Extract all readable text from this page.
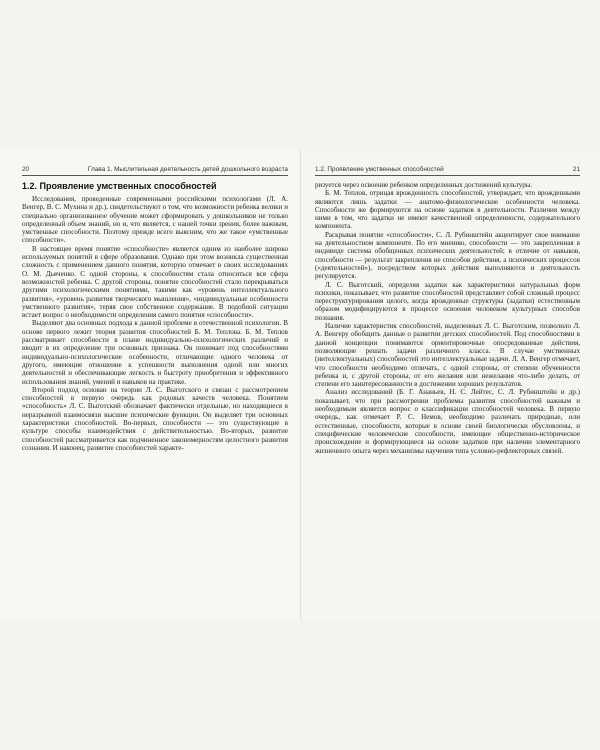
20	Глава 1. Мыслительная деятельность детей дошкольного возраста
1.2. Проявление умственных способностей

Исследования, проведенные современными российскими психологами (Л. А. Венгер, В. С. Мухина и др.), свидетельствуют о том, что возможности ребенка велики и специально организованное обучение может сформировать у дошкольников не только определенный объем знаний, но и, что является, с нашей точки зрения, более важным, умственные способности. Поэтому прежде всего выясним, что же такое «умственные способности».

В настоящее время понятие «способности» является одним из наиболее широко используемых понятий в сфере образования. Однако при этом возникла существенная сложность с применением данного понятия, которую отмечает в своих исследованиях О. М. Дьяченко. С одной стороны, к способностям стала относиться вся сфера возможностей ребенка. С другой стороны, понятие способностей стало перекрываться другими психологическими понятиями, такими как «уровень интеллектуального развития», «уровень развития творческого мышления», «индивидуальные особенности умственного развития», теряя свое собственное содержание. В подобной ситуации встает вопрос о необходимости определения самого понятия «способности».

Выделяют два основных подхода к данной проблеме в отечественной психологии. В основе первого лежит теория развития способностей Б. М. Теплова. Б. М. Теплов рассматривает способности в плане индивидуально-психологических различий и вводит в их определение три основных признака. Он понимает под способностями индивидуально-психологические особенности, отличающие одного человека от другого, имеющие отношение к успешности выполнения одной или многих деятельностей и обеспечивающие легкость и быстроту приобретения и эффективного использования знаний, умений и навыков на практике.

Второй подход основан на теории Л. С. Выготского и связан с рассмотрением способностей в первую очередь как родовых качеств человека. Понятием «способность» Л. С. Выготский обозначает фактически отдельные, но находящиеся в неразрывной взаимосвязи высшие психические функции. Он выделяет три основных характеристики способностей. Во-первых, способности — это существующие в культуре способы взаимодействия с действительностью. Во-вторых, развитие способностей рассматривается как подчиненное закономерностям целостного развития сознания. И наконец, развитие способностей характе-

1.2. Проявление умственных способностей	21

ризуется через освоение ребенком определенных достижений культуры.

Б. М. Теплов, отрицая врожденность способностей, утверждает, что врожденными являются лишь задатки — анатомо-физиологические особенности человека. Способности же формируются на основе задатков в деятельности. Различия между ними в том, что задатки не имеют качественной определенности, содержательного компонента.

Раскрывая понятие «способности», С. Л. Рубинштейн акцентирует свое внимание на деятельностном компоненте. По его мнению, способности — это закрепленная в индивиде система обобщенных психических деятельностей; в отличие от навыков, способности — результат закрепления не способов действия, а психических процессов («деятельностей»), посредством которых действия выполняются и деятельность регулируется.

Л. С. Выготский, определяя задатки как характеристики натуральных форм психики, показывает, что развитие способностей представляет собой сложный процесс переструктурирования целого, когда врожденные структуры (задатки) естественным образом модифицируются в процессе освоения человеком культурных способов познания.

Наличие характеристик способностей, выделенных Л. С. Выготским, позволило Л. А. Венгеру обобщить данные о развитии детских способностей. Под способностями в данной концепции понимаются ориентировочные опосредованные действия, позволяющие решать задачи различного класса. В случае умственных (интеллектуальных) способностей это интеллектуальные задачи. Л. А. Венгер отмечает, что способности необходимо отличать, с одной стороны, от степени обученности ребенка и, с другой стороны, от его желания или нежелания что-либо делать, от степени его заинтересованности в достижении хороших результатов.

Анализ исследований (Б. Г. Ананьев, Н. С. Лейтес, С. Л. Рубинштейн и др.) показывает, что при рассмотрении проблемы развития способностей важным и необходимым является вопрос о классификации способностей человека. В первую очередь, как отмечает Р. С. Немов, необходимо различать природные, или естественные, способности, которые в основе своей биологически обусловлены, и специфические человеческие способности, имеющие общественно-историческое происхождение и формирующиеся на основе задатков при наличии элементарного жизненного опыта через механизмы научения типа условно-рефлекторных связей.
